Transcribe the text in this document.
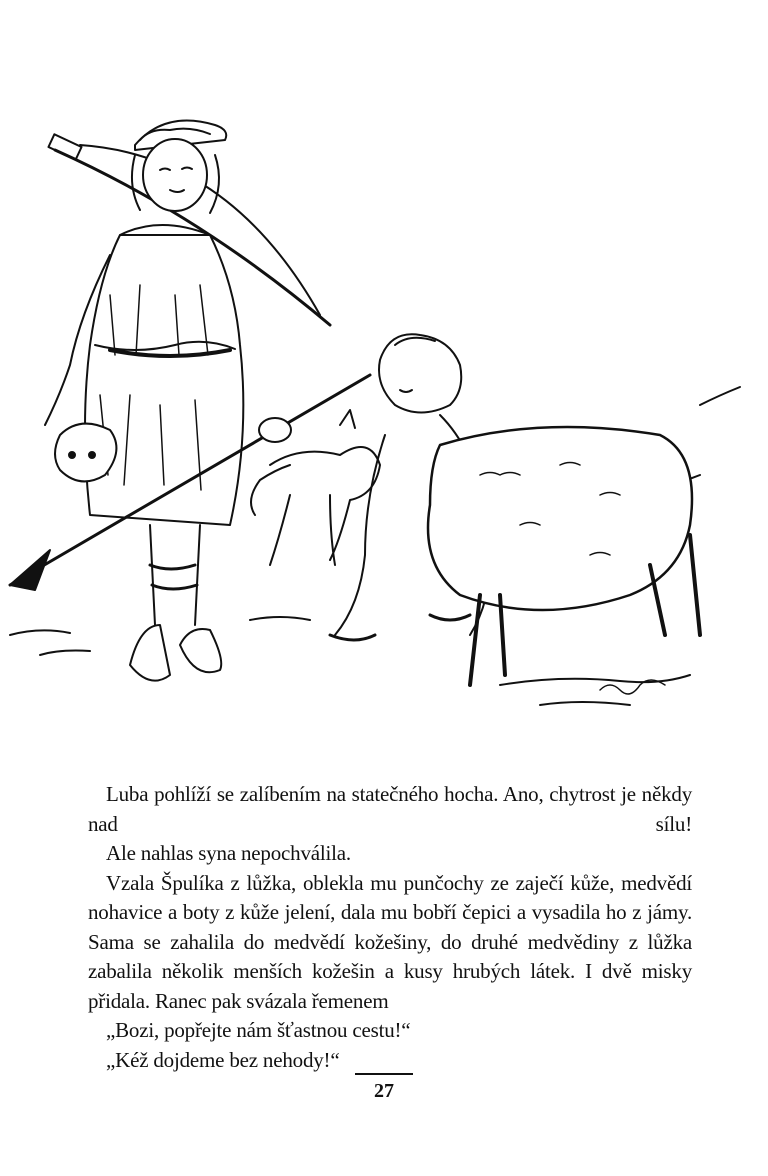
Luba pohlíží se zalíbením na statečného hocha. Ano, chytrost je někdy nad sílu!

Ale nahlas syna nepochválila.

Vzala Špulíka z lůžka, oblekla mu punčochy ze zaječí kůže, medvědí nohavice a boty z kůže jelení, dala mu bobří čepici a vysadila ho z jámy. Sama se zahalila do medvědí kožešiny, do druhé medvědiny z lůžka zabalila několik menších kožešin a kusy hrubých látek. I dvě misky přidala. Ranec pak svázala řemenem

„Bozi, popřejte nám šťastnou cestu!“

„Kéž dojdeme bez nehody!“

27
